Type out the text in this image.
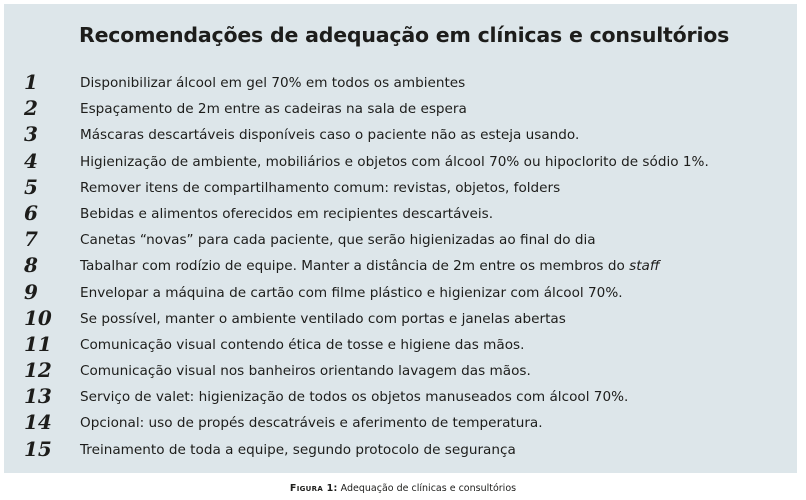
Recomendações de adequação em clínicas e consultórios
1	Disponibilizar álcool em gel 70% em todos os ambientes
2	Espaçamento de 2m entre as cadeiras na sala de espera
3	Máscaras descartáveis disponíveis caso o paciente não as esteja usando.
4	Higienização de ambiente, mobiliários e objetos com álcool 70% ou hipoclorito de sódio 1%.
5	Remover itens de compartilhamento comum: revistas, objetos, folders
6	Bebidas e alimentos oferecidos em recipientes descartáveis.
7	Canetas “novas” para cada paciente, que serão higienizadas ao final do dia
8	Tabalhar com rodízio de equipe. Manter a distância de 2m entre os membros do staff
9	Envelopar a máquina de cartão com filme plástico e higienizar com álcool 70%.
10	Se possível, manter o ambiente ventilado com portas e janelas abertas
11	Comunicação visual contendo ética de tosse e higiene das mãos.
12	Comunicação visual nos banheiros orientando lavagem das mãos.
13	Serviço de valet: higienização de todos os objetos manuseados com álcool 70%.
14	Opcional: uso de propés descatráveis e aferimento de temperatura.
15	Treinamento de toda a equipe, segundo protocolo de segurança
Figura 1: Adequação de clínicas e consultórios
